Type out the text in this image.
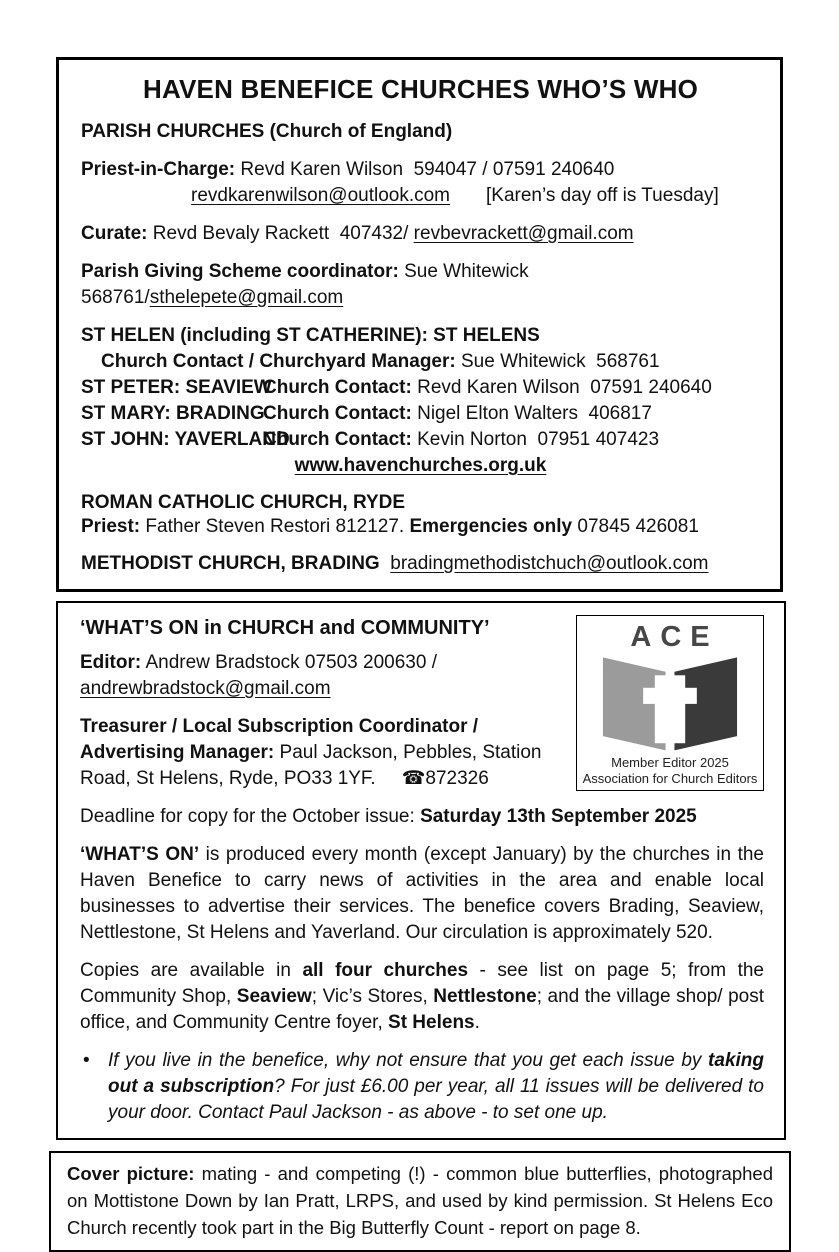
HAVEN BENEFICE CHURCHES WHO’S WHO
PARISH CHURCHES (Church of England)
Priest-in-Charge: Revd Karen Wilson  594047 / 07591 240640
revdkarenwilson@outlook.com [Karen’s day off is Tuesday]
Curate: Revd Bevaly Rackett  407432/ revbevrackett@gmail.com
Parish Giving Scheme coordinator: Sue Whitewick 568761/sthelepete@gmail.com
ST HELEN (including ST CATHERINE): ST HELENS
Church Contact / Churchyard Manager: Sue Whitewick  568761
ST PETER: SEAVIEWChurch Contact: Revd Karen Wilson  07591 240640
ST MARY: BRADINGChurch Contact: Nigel Elton Walters  406817
ST JOHN: YAVERLANDChurch Contact: Kevin Norton  07951 407423
www.havenchurches.org.uk
ROMAN CATHOLIC CHURCH, RYDE
Priest: Father Steven Restori 812127. Emergencies only 07845 426081
METHODIST CHURCH, BRADING bradingmethodistchuch@outlook.com
ACE
Member Editor 2025
Association for Church Editors
‘WHAT’S ON in CHURCH and COMMUNITY’
Editor: Andrew Bradstock 07503 200630 /
andrewbradstock@gmail.com
Treasurer / Local Subscription Coordinator /
Advertising Manager: Paul Jackson, Pebbles, Station Road, St Helens, Ryde, PO33 1YF. ☎872326
Deadline for copy for the October issue: Saturday 13th September 2025
‘WHAT’S ON’ is produced every month (except January) by the churches in the Haven Benefice to carry news of activities in the area and enable local businesses to advertise their services. The benefice covers Brading, Seaview, Nettlestone, St Helens and Yaverland. Our circulation is approximately 520.
Copies are available in all four churches - see list on page 5; from the Community Shop, Seaview; Vic’s Stores, Nettlestone; and the village shop/ post office, and Community Centre foyer, St Helens.
• If you live in the benefice, why not ensure that you get each issue by taking out a subscription? For just £6.00 per year, all 11 issues will be delivered to your door. Contact Paul Jackson - as above - to set one up.
Cover picture: mating - and competing (!) - common blue butterflies, photographed on Mottistone Down by Ian Pratt, LRPS, and used by kind permission. St Helens Eco Church recently took part in the Big Butterfly Count - report on page 8.
